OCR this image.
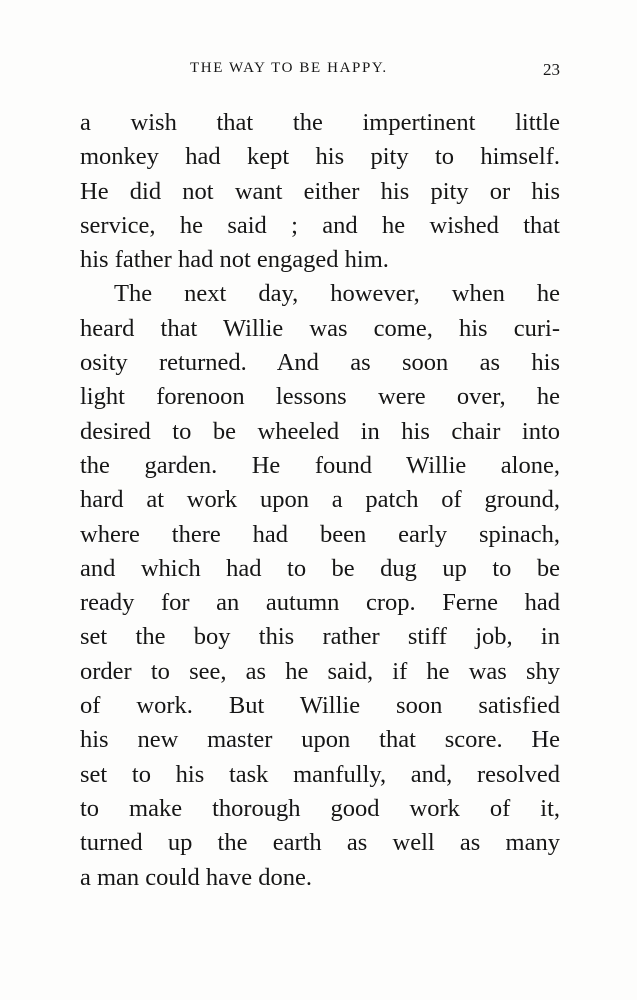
THE WAY TO BE HAPPY.	23
a wish that the impertinent little
monkey had kept his pity to himself.
He did not want either his pity or his
service, he said ; and he wished that
his father had not engaged him.
The next day, however, when he
heard that Willie was come, his curi-
osity returned. And as soon as his
light forenoon lessons were over, he
desired to be wheeled in his chair into
the garden. He found Willie alone,
hard at work upon a patch of ground,
where there had been early spinach,
and which had to be dug up to be
ready for an autumn crop. Ferne had
set the boy this rather stiff job, in
order to see, as he said, if he was shy
of work. But Willie soon satisfied
his new master upon that score. He
set to his task manfully, and, resolved
to make thorough good work of it,
turned up the earth as well as many
a man could have done.
